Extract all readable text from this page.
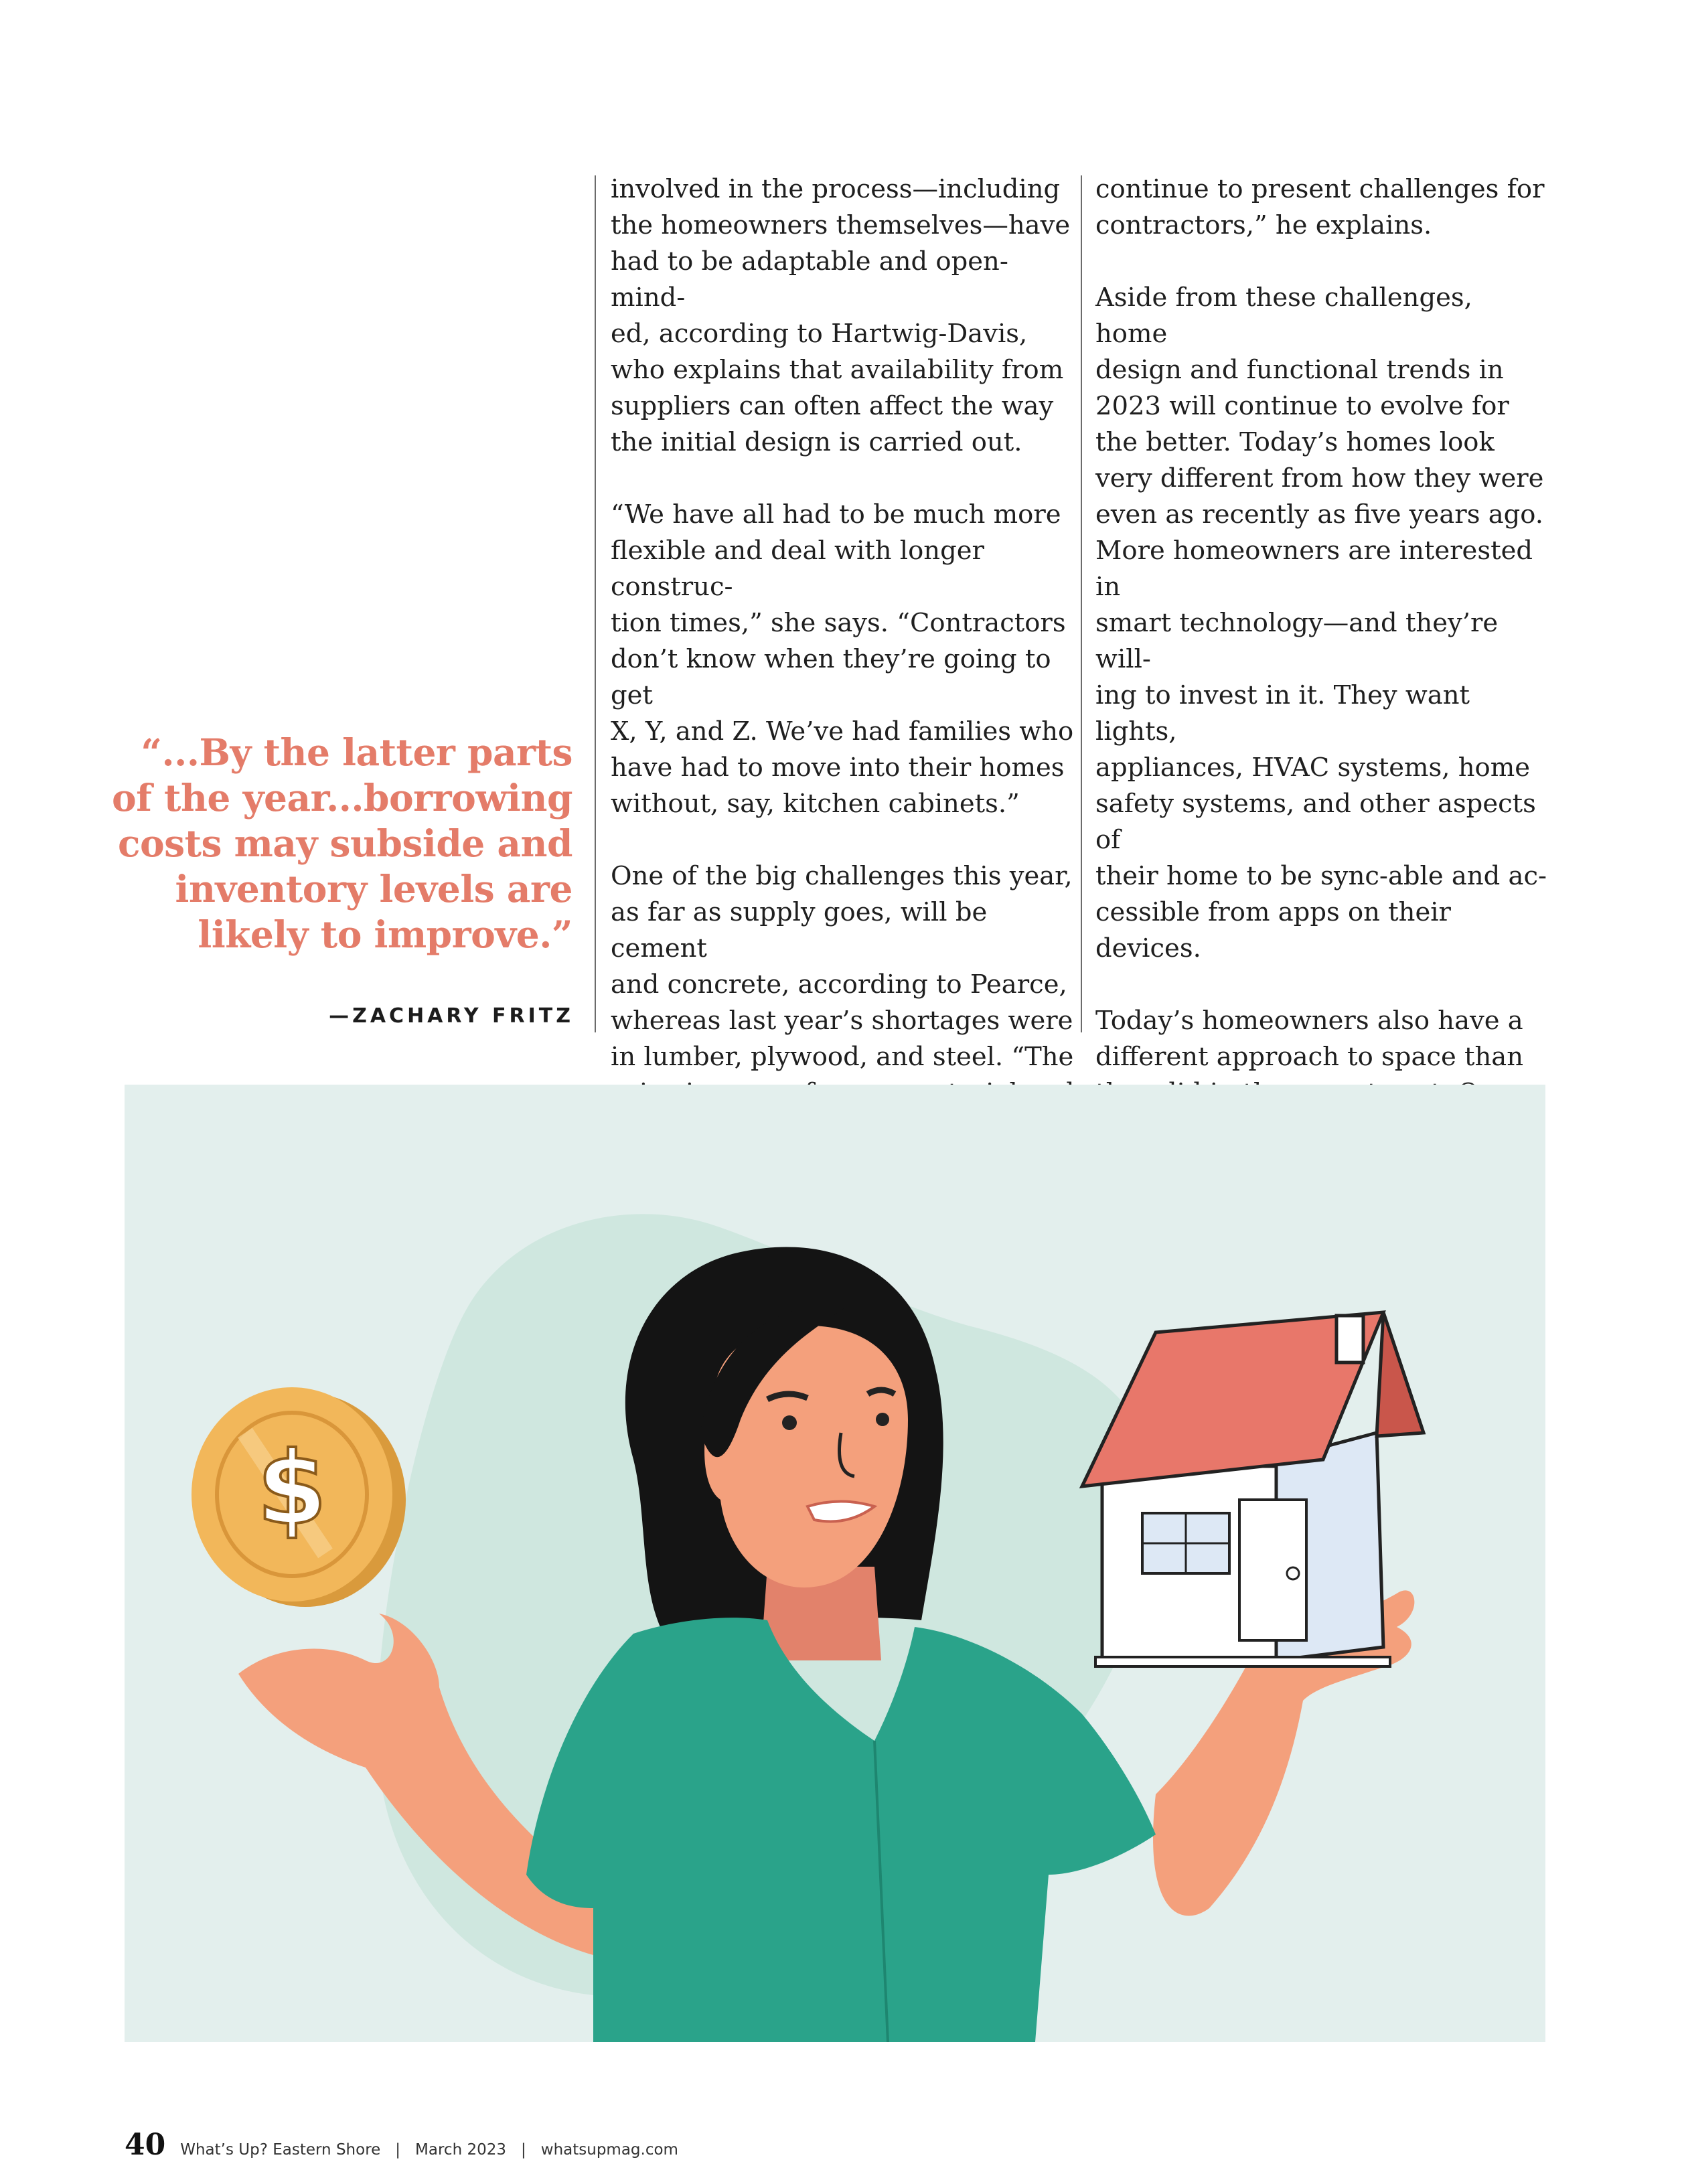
involved in the process—including
the homeowners themselves—have
had to be adaptable and open-mind-
ed, according to Hartwig-Davis,
who explains that availability from
suppliers can often affect the way
the initial design is carried out.

“We have all had to be much more
flexible and deal with longer construc-
tion times,” she says. “Contractors
don’t know when they’re going to get
X, Y, and Z. We’ve had families who
have had to move into their homes
without, say, kitchen cabinets.”

One of the big challenges this year,
as far as supply goes, will be cement
and concrete, according to Pearce,
whereas last year’s shortages were
in lumber, plywood, and steel. “The

continue to present challenges for
contractors,” he explains.

Aside from these challenges, home
design and functional trends in
2023 will continue to evolve for
the better. Today’s homes look
very different from how they were
even as recently as five years ago.
More homeowners are interested in
smart technology—and they’re will-
ing to invest in it. They want lights,
appliances, HVAC systems, home
safety systems, and other aspects of
their home to be sync-able and ac-
cessible from apps on their devices.

Today’s homeowners also have a
different approach to space than

“...By the latter parts of the year...borrowing costs may subside and inventory levels are likely to improve.”
—ZACHARY FRITZ
$
40 What’s Up? Eastern Shore | March 2023 | whatsupmag.com
